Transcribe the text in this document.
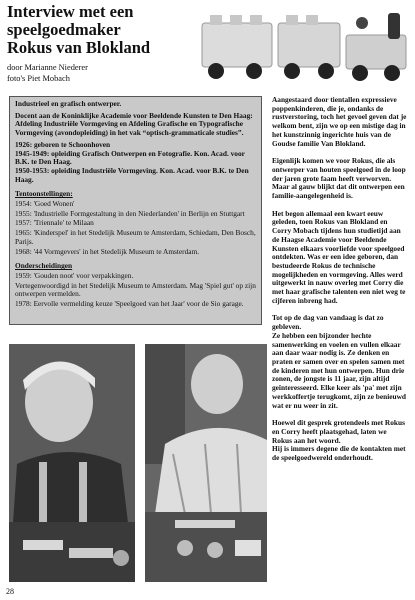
Interview met een speelgoedmaker
Rokus van Blokland
door Marianne Niederer
foto's Piet Mobach

Industrieel en grafisch ontwerper.

Docent aan de Koninklijke Academie voor Beeldende Kunsten te Den Haag: Afdeling Industriële Vormgeving en Afdeling Grafische en Typografische Vormgeving (avondopleiding) in het vak “optisch-grammaticale studies”.

1926: geboren te Schoonhoven

1945-1949: opleiding Grafisch Ontwerpen en Fotografie. Kon. Acad. voor B.K. te Den Haag.

1950-1953: opleiding Industriële Vormgeving. Kon. Acad. voor B.K. te Den Haag.

Tentoonstellingen:

1954: 'Goed Wonen'

1955: 'Industrielle Formgestaltung in den Niederlanden' in Berlijn en Stuttgart

1957: 'Triennale' te Milaan

1965: 'Kinderspel' in het Stedelijk Museum te Amsterdam, Schiedam, Den Bosch, Parijs.

1968: '44 Vormgevers' in het Stedelijk Museum te Amsterdam.

Onderscheidingen

1959: 'Gouden noot' voor verpakkingen.

Vertegenwoordigd in het Stedelijk Museum te Amsterdam. Mag 'Spiel gut' op zijn ontwerpen vermelden.

1978: Eervolle vermelding keuze 'Speelgoed van het Jaar' voor de Sio garage.

Aangestaard door tientallen expressieve poppenkinderen, die je, ondanks de rustverstoring, toch het gevoel geven dat je welkom bent, zijn we op een mistige dag in het kunstzinnig ingerichte huis van de Goudse familie Van Blokland.

Eigenlijk komen we voor Rokus, die als ontwerper van houten speelgoed in de loop der jaren grote faam heeft verworven. Maar al gauw blijkt dat dit ontwerpen een familie-aangelegenheid is.

Het begon allemaal een kwart eeuw geleden, toen Rokus van Blokland en Corry Mobach tijdens hun studietijd aan de Haagse Academie voor Beeldende Kunsten elkaars voorliefde voor speelgoed ontdekten. Was er een idee geboren, dan bestudeerde Rokus de technische mogelijkheden en vormgeving. Alles werd uitgewerkt in nauw overleg met Corry die met haar grafische talenten een niet weg te cijferen inbreng had.

Tot op de dag van vandaag is dat zo gebleven.
Ze hebben een bijzonder hechte samenwerking en voelen en vullen elkaar aan daar waar nodig is. Ze denken en praten er samen over en spelen samen met de kinderen met hun ontwerpen. Hun drie zonen, de jongste is 11 jaar, zijn altijd geïnteresseerd. Elke keer als 'pa' met zijn werkkoffertje terugkomt, zijn ze benieuwd wat er nu weer in zit.

Hoewel dit gesprek grotendeels met Rokus en Corry heeft plaatsgehad, laten we Rokus aan het woord.
Hij is immers degene die de kontakten met de speelgoedwereld onderhoudt.

28
